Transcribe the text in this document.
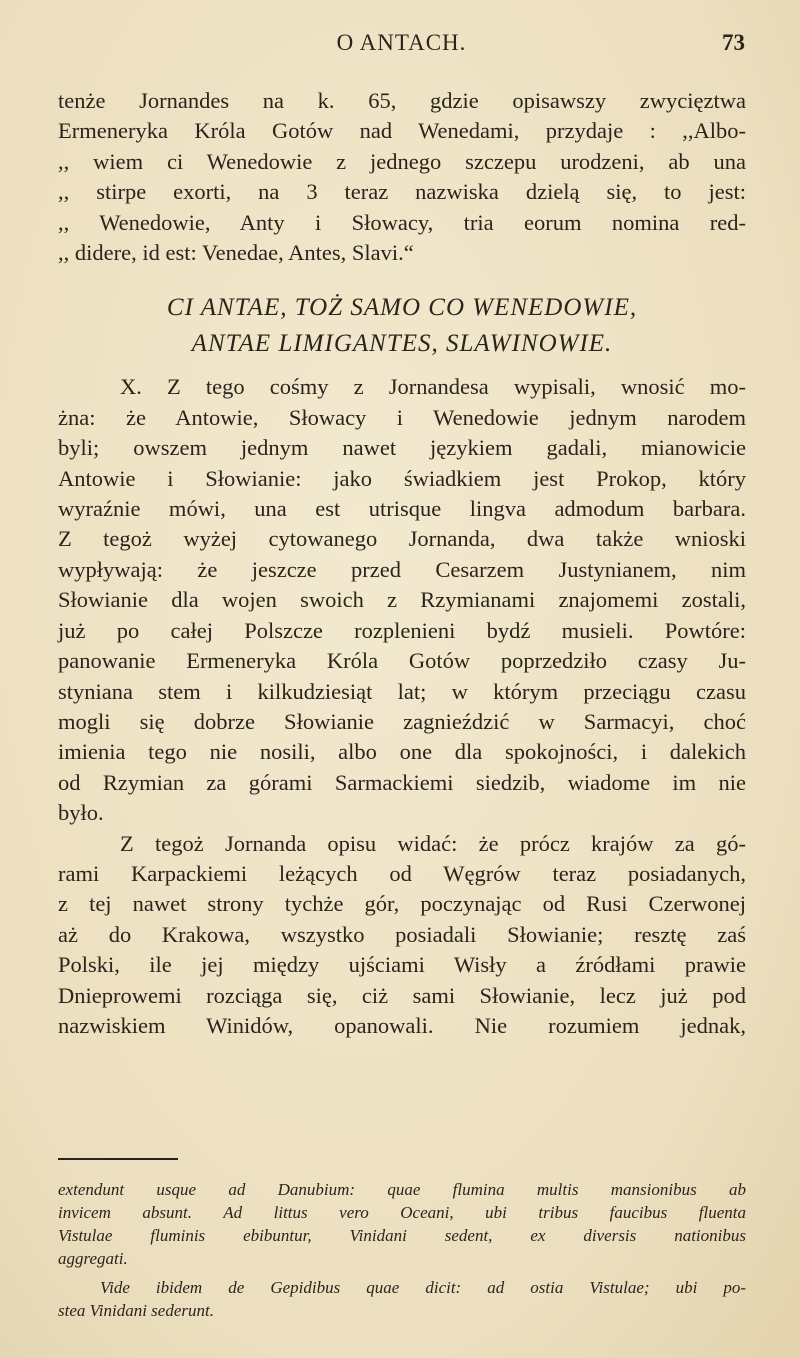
O ANTACH.	73

tenże Jornandes na k. 65, gdzie opisawszy zwycięztwa
Ermeneryka Króla Gotów nad Wenedami, przydaje : ,,Albo-
,, wiem ci Wenedowie z jednego szczepu urodzeni, ab una
,, stirpe exorti, na 3 teraz nazwiska dzielą się, to jest:
,, Wenedowie, Anty i Słowacy, tria eorum nomina red-
,, didere, id est: Venedae, Antes, Slavi.“

CI ANTAE, TOŻ SAMO CO WENEDOWIE,
ANTAE LIMIGANTES, SLAWINOWIE.

X. Z tego cośmy z Jornandesa wypisali, wnosić mo-
żna: że Antowie, Słowacy i Wenedowie jednym narodem
byli; owszem jednym nawet językiem gadali, mianowicie
Antowie i Słowianie: jako świadkiem jest Prokop, który
wyraźnie mówi, una est utrisque lingva admodum barbara.
Z tegoż wyżej cytowanego Jornanda, dwa także wnioski
wypływają: że jeszcze przed Cesarzem Justynianem, nim
Słowianie dla wojen swoich z Rzymianami znajomemi zostali,
już po całej Polszcze rozplenieni bydź musieli. Powtóre:
panowanie Ermeneryka Króla Gotów poprzedziło czasy Ju-
styniana stem i kilkudziesiąt lat; w którym przeciągu czasu
mogli się dobrze Słowianie zagnieździć w Sarmacyi, choć
imienia tego nie nosili, albo one dla spokojności, i dalekich
od Rzymian za górami Sarmackiemi siedzib, wiadome im nie
było.

Z tegoż Jornanda opisu widać: że prócz krajów za gó-
rami Karpackiemi leżących od Węgrów teraz posiadanych,
z tej nawet strony tychże gór, poczynając od Rusi Czerwonej
aż do Krakowa, wszystko posiadali Słowianie; resztę zaś
Polski, ile jej między ujściami Wisły a źródłami prawie
Dnieprowemi rozciąga się, ciż sami Słowianie, lecz już pod
nazwiskiem Winidów, opanowali. Nie rozumiem jednak,

extendunt usque ad Danubium: quae flumina multis mansionibus ab
invicem absunt. Ad littus vero Oceani, ubi tribus faucibus fluenta
Vistulae fluminis ebibuntur, Vinidani sedent, ex diversis nationibus
aggregati.

Vide ibidem de Gepidibus quae dicit: ad ostia Vistulae; ubi po-
stea Vinidani sederunt.
